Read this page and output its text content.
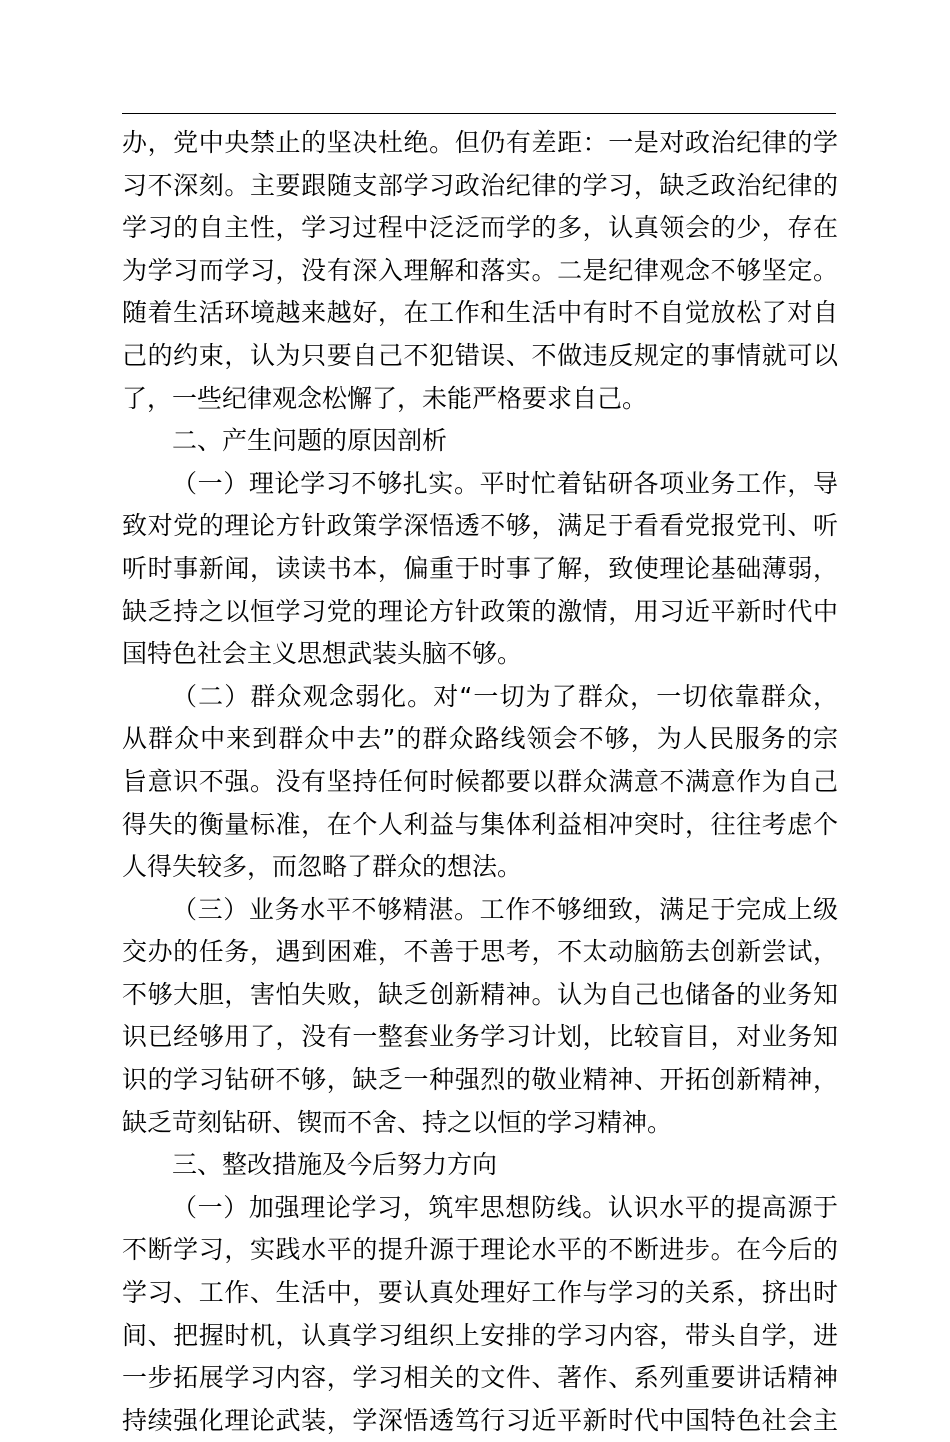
办，党中央禁止的坚决杜绝。但仍有差距：一是对政治纪律的学
习不深刻。主要跟随支部学习政治纪律的学习，缺乏政治纪律的
学习的自主性，学习过程中泛泛而学的多，认真领会的少，存在
为学习而学习，没有深入理解和落实。二是纪律观念不够坚定。
随着生活环境越来越好，在工作和生活中有时不自觉放松了对自
己的约束，认为只要自己不犯错误、不做违反规定的事情就可以
了，一些纪律观念松懈了，未能严格要求自己。
二、产生问题的原因剖析
（一）理论学习不够扎实。平时忙着钻研各项业务工作，导
致对党的理论方针政策学深悟透不够，满足于看看党报党刊、听
听时事新闻，读读书本，偏重于时事了解，致使理论基础薄弱，
缺乏持之以恒学习党的理论方针政策的激情，用习近平新时代中
国特色社会主义思想武装头脑不够。
（二）群众观念弱化。对“一切为了群众，一切依靠群众，
从群众中来到群众中去”的群众路线领会不够，为人民服务的宗
旨意识不强。没有坚持任何时候都要以群众满意不满意作为自己
得失的衡量标准，在个人利益与集体利益相冲突时，往往考虑个
人得失较多，而忽略了群众的想法。
（三）业务水平不够精湛。工作不够细致，满足于完成上级
交办的任务，遇到困难，不善于思考，不太动脑筋去创新尝试，
不够大胆，害怕失败，缺乏创新精神。认为自己也储备的业务知
识已经够用了，没有一整套业务学习计划，比较盲目，对业务知
识的学习钻研不够，缺乏一种强烈的敬业精神、开拓创新精神，
缺乏苛刻钻研、锲而不舍、持之以恒的学习精神。
三、整改措施及今后努力方向
（一）加强理论学习，筑牢思想防线。认识水平的提高源于
不断学习，实践水平的提升源于理论水平的不断进步。在今后的
学习、工作、生活中，要认真处理好工作与学习的关系，挤出时
间、把握时机，认真学习组织上安排的学习内容，带头自学，进
一步拓展学习内容，学习相关的文件、著作、系列重要讲话精神
持续强化理论武装，学深悟透笃行习近平新时代中国特色社会主
